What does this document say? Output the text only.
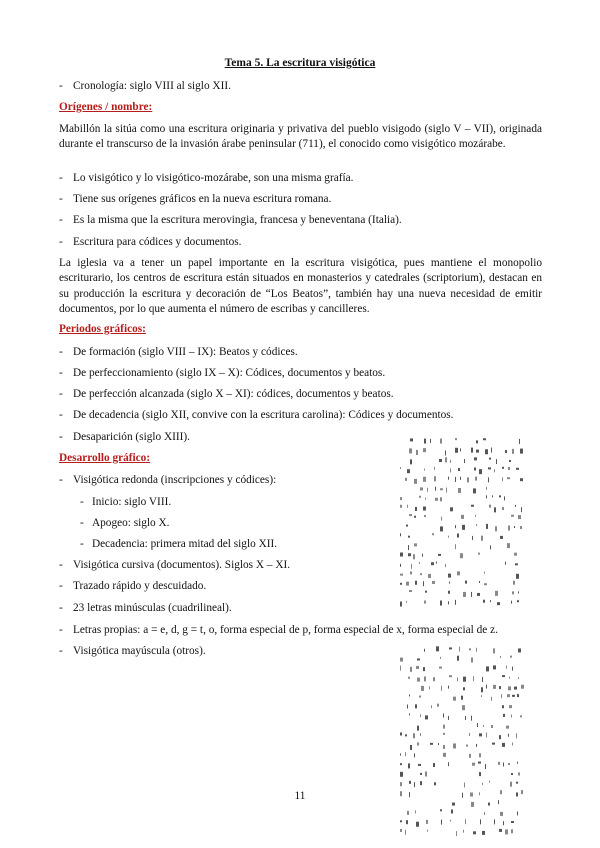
Tema 5. La escritura visigótica
- Cronología: siglo VIII al siglo XII.
Orígenes / nombre:
Mabillón la sitúa como una escritura originaria y privativa del pueblo visigodo (siglo V – VII), originada durante el transcurso de la invasión árabe peninsular (711), el conocido como visigótico mozárabe.
- Lo visigótico y lo visigótico-mozárabe, son una misma grafía.
- Tiene sus orígenes gráficos en la nueva escritura romana.
- Es la misma que la escritura merovingia, francesa y beneventana (Italia).
- Escritura para códices y documentos.
La iglesia va a tener un papel importante en la escritura visigótica, pues mantiene el monopolio escriturario, los centros de escritura están situados en monasterios y catedrales (scriptorium), destacan en su producción la escritura y decoración de “Los Beatos”, también hay una nueva necesidad de emitir documentos, por lo que aumenta el número de escribas y cancilleres.
Periodos gráficos:
- De formación (siglo VIII – IX): Beatos y códices.
- De perfeccionamiento (siglo IX – X): Códices, documentos y beatos.
- De perfección alcanzada (siglo X – XI): códices, documentos y beatos.
- De decadencia (siglo XII, convive con la escritura carolina): Códices y documentos.
- Desaparición (siglo XIII).
Desarrollo gráfico:
- Visigótica redonda (inscripciones y códices):
- Inicio: siglo VIII.
- Apogeo: siglo X.
- Decadencia: primera mitad del siglo XII.
- Visigótica cursiva (documentos). Siglos X – XI.
- Trazado rápido y descuidado.
- 23 letras minúsculas (cuadrilineal).
- Letras propias: a = e, d, g = t, o, forma especial de p, forma especial de x, forma especial de z.
- Visigótica mayúscula (otros).
11
